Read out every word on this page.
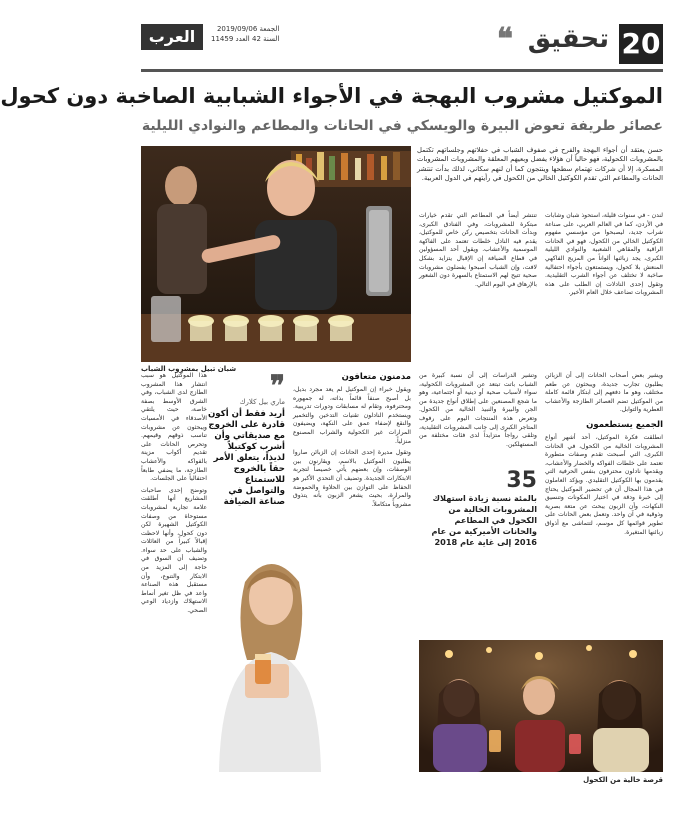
20
تحقيق
❝
العرب	الجمعة 2019/09/06
السنة 42 العدد 11459
الموكتيل مشروب البهجة في الأجواء الشبابية الصاخبة دون كحول
عصائر طريفة تعوض البيرة والويسكي في الحانات والمطاعم والنوادي الليلية
شبان تبيل بمشروب الشباب

حسن يعتقد أن أجواء البهجة والفرح في صفوف الشباب في حفلاتهم وجلساتهم تكتمل بالمشروبات الكحولية، فهو حالياً أن هؤلاء يفضل وبعيهم المعلقة والمشروبات المشروبات المسكرة، إلا أن شركات تهتمام سطحها وينتجون كما أن لنهم سكاني، لذلك بدأت تنتشر الحانات والمطاعم التي تقدم الكوكتيل الخالي من الكحول في رأيتهم في الدول العربية.

لندن - في سنوات قليلة، استحوذ شبان وشابات في الأردن، كما في العالم العربي، على صناعة شراب جديد، ليصبحوا من مؤسسي مفهوم الكوكتيل الخالي من الكحول، فهو في الحانات الراقية والمقاهي الشعبية والنوادي الليلية الكبرى، يجد زبائنها ألواناً من المزيج الفاكهي المنعش بلا كحول، ويستمتعون بأجواء احتفالية صاخبة لا تختلف عن أجواء الشرب التقليدية. وتقول إحدى النادلات إن الطلب على هذه المشروبات تضاعف خلال العام الأخير.

تنتشر أيضاً في المطاعم التي تقدم خيارات مبتكرة للمشروبات، وفي الفنادق الكبرى، وبدأت الحانات بتخصيص ركن خاص للموكتيل، يقدم فيه النادل خلطات تعتمد على الفاكهة الموسمية والأعشاب. ويقول أحد المسؤولين في قطاع الضيافة إن الإقبال يتزايد بشكل لافت، وإن الشباب أصبحوا يفضلون مشروبات صحية تتيح لهم الاستمتاع بالسهرة دون الشعور بالإرهاق في اليوم التالي.

ويشير بعض أصحاب الحانات إلى أن الزبائن يطلبون تجارب جديدة، ويبحثون عن طعم مختلف، وهو ما دفعهم إلى ابتكار قائمة كاملة من الموكتيل تضم العصائر الطازجة والأعشاب العطرية والتوابل.

الجميع يستطعمون

انطلقت فكرة الموكتيل، أحد أشهر أنواع المشروبات الخالية من الكحول، في الحانات الكبرى، التي أصبحت تقدم وصفات متطورة تعتمد على خلطات الفواكه والخضار والأعشاب، ويقدمها نادلون محترفون بنفس الحرفية التي يقدمون بها الكوكتيل التقليدي. ويؤكد العاملون في هذا المجال أن فن تحضير الموكتيل يحتاج إلى خبرة ودقة في اختيار المكونات وتنسيق النكهات، وأن الزبون يبحث عن متعة بصرية وذوقية في آن واحد. وتعمل بعض الحانات على تطوير قوائمها كل موسم، لتتماشى مع أذواق زبائنها المتغيرة.

وتشير الدراسات إلى أن نسبة كبيرة من الشباب باتت تبتعد عن المشروبات الكحولية، سواء لأسباب صحية أو دينية أو اجتماعية، وهو ما شجع المصنعين على إطلاق أنواع جديدة من الجن والبيرة والنبيذ الخالية من الكحول. وتعرض هذه المنتجات اليوم على رفوف المتاجر الكبرى إلى جانب المشروبات التقليدية، وتلقى رواجاً متزايداً لدى فئات مختلفة من المستهلكين.

35
بالمئة نسبة زيادة استهلاك المشروبات الخالية من الكحول في المطاعم والحانات الأميركية من عام 2016 إلى غاية عام 2018
مدمنون متعافون

ويقول خبراء إن الموكتيل لم يعد مجرد بديل، بل أصبح صنفاً قائماً بذاته، له جمهوره ومحترفوه، وتقام له مسابقات ودورات تدريبية. ويستخدم النادلون تقنيات التدخين والتخمير والنقع لإضفاء عمق على النكهة، ويضيفون المرارات غير الكحولية والشراب المصنوع منزلياً.

وتقول مديرة إحدى الحانات إن الزبائن صاروا يطلبون الموكتيل بالاسم، ويقارنون بين الوصفات، وإن بعضهم يأتي خصيصاً لتجربة الابتكارات الجديدة. وتضيف أن التحدي الأكبر هو الحفاظ على التوازن بين الحلاوة والحموضة والمرارة، بحيث يشعر الزبون بأنه يتذوق مشروباً متكاملاً.

❞
ماري بيل كلارك
أريد فقط أن أكون قادرة على الخروج مع صديقاتي وأن أشرب كوكتيلاً لذيذاً، يتعلق الأمر حقاً بالخروج للاستمتاع والتواصل في صناعة الضيافة

هذا الموكتيل هو سبب انتشار هذا المشروب الطازج لدى الشباب، وفي الشرق الأوسط بصفة خاصة، حيث يلتقي الأصدقاء في الأمسيات ويبحثون عن مشروبات تناسب ذوقهم وقيمهم. وتحرص الحانات على تقديم أكواب مزينة بالفواكه والأعشاب الطازجة، ما يضفي طابعاً احتفالياً على الجلسات.

وتوضح إحدى صاحبات المشاريع أنها أطلقت علامة تجارية لمشروبات مستوحاة من وصفات الكوكتيل الشهيرة لكن دون كحول، وأنها لاحظت إقبالاً كبيراً من العائلات والشباب على حد سواء. وتضيف أن السوق في حاجة إلى المزيد من الابتكار والتنوع، وأن مستقبل هذه الصناعة واعد في ظل تغير أنماط الاستهلاك وازدياد الوعي الصحي.

قرصة خالية من الكحول
